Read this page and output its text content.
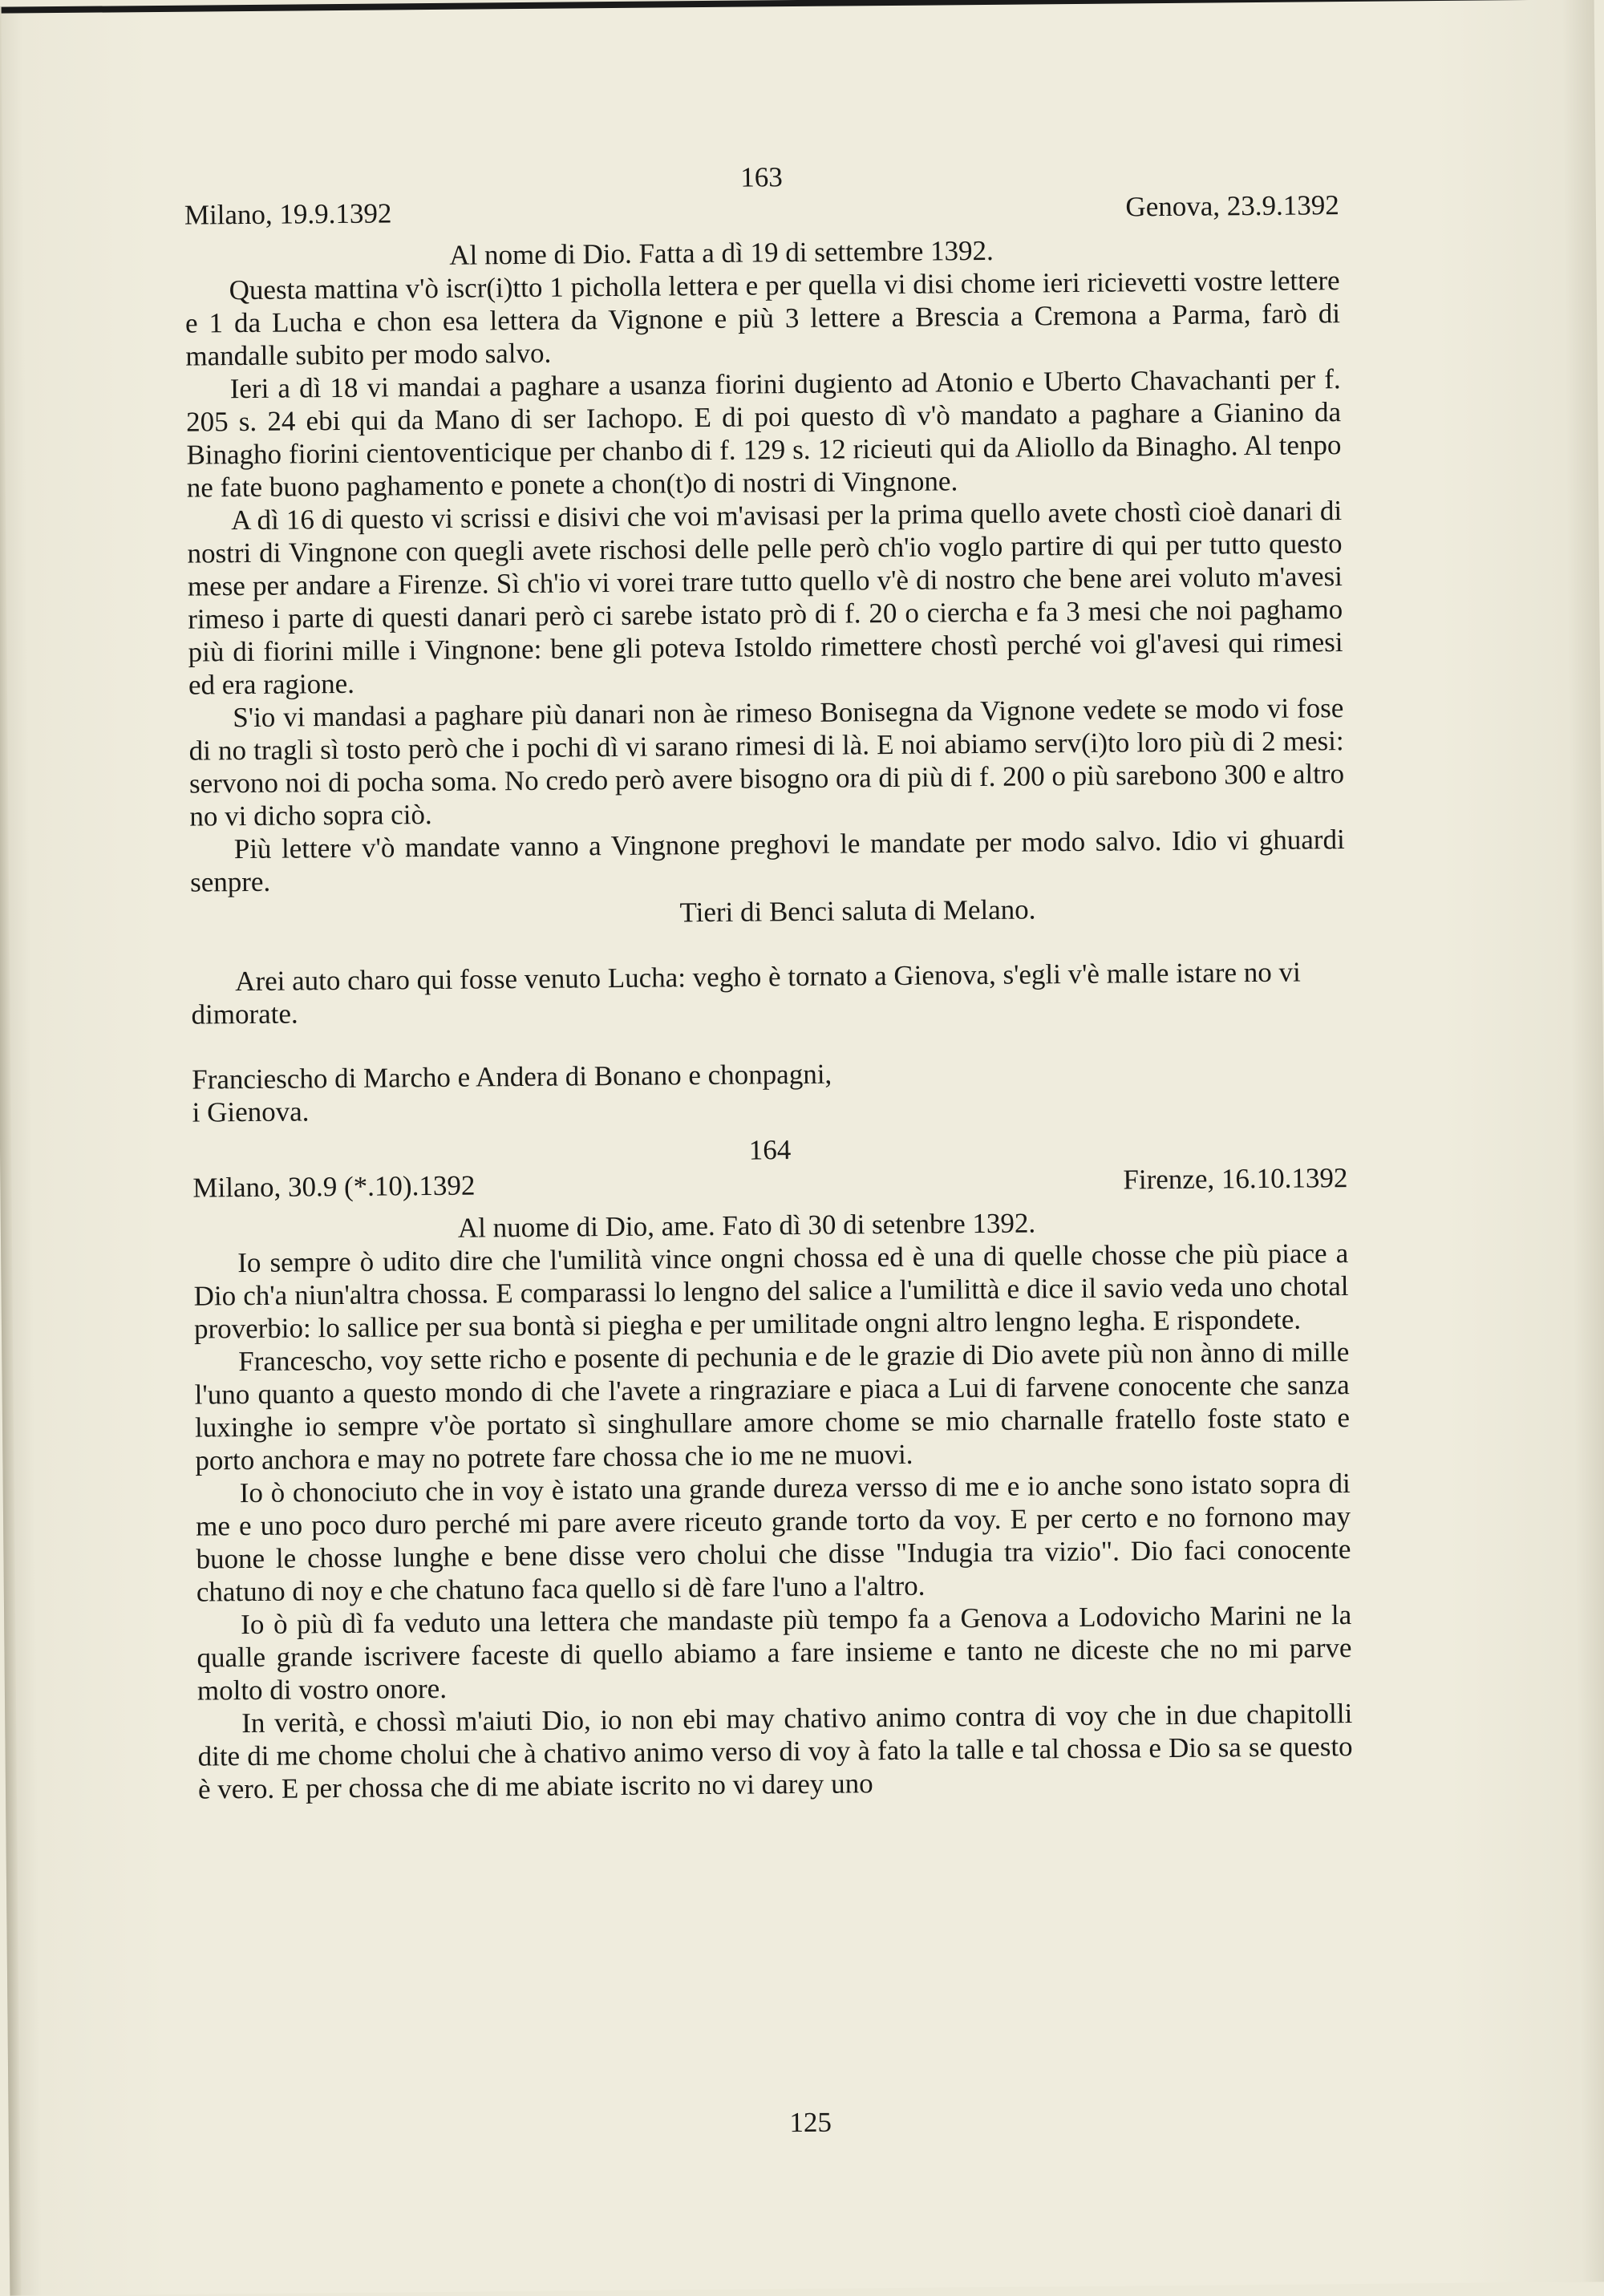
163

Milano, 19.9.1392	Genova, 23.9.1392

Al nome di Dio. Fatta a dì 19 di settembre 1392.

Questa mattina v'ò iscr(i)tto 1 picholla lettera e per quella vi disi chome ieri ricievetti vostre lettere e 1 da Lucha e chon esa lettera da Vignone e più 3 lettere a Brescia a Cremona a Parma, farò di mandalle subito per modo salvo.

Ieri a dì 18 vi mandai a paghare a usanza fiorini dugiento ad Atonio e Uberto Chavachanti per f. 205 s. 24 ebi qui da Mano di ser Iachopo. E di poi questo dì v'ò mandato a paghare a Gianino da Binagho fiorini cientoventicique per chanbo di f. 129 s. 12 ricieuti qui da Aliollo da Binagho. Al tenpo ne fate buono paghamento e ponete a chon(t)o di nostri di Vingnone.

A dì 16 di questo vi scrissi e disivi che voi m'avisasi per la prima quello avete chostì cioè danari di nostri di Vingnone con quegli avete rischosi delle pelle però ch'io voglo partire di qui per tutto questo mese per andare a Firenze. Sì ch'io vi vorei trare tutto quello v'è di nostro che bene arei voluto m'avesi rimeso i parte di questi danari però ci sarebe istato prò di f. 20 o ciercha e fa 3 mesi che noi paghamo più di fiorini mille i Vingnone: bene gli poteva Istoldo rimettere chostì perché voi gl'avesi qui rimesi ed era ragione.

S'io vi mandasi a paghare più danari non àe rimeso Bonisegna da Vignone vedete se modo vi fose di no tragli sì tosto però che i pochi dì vi sarano rimesi di là. E noi abiamo serv(i)to loro più di 2 mesi: servono noi di pocha soma. No credo però avere bisogno ora di più di f. 200 o più sarebono 300 e altro no vi dicho sopra ciò.

Più lettere v'ò mandate vanno a Vingnone preghovi le mandate per modo salvo. Idio vi ghuardi senpre.

Tieri di Benci saluta di Melano.

Arei auto charo qui fosse venuto Lucha: vegho è tornato a Gienova, s'egli v'è malle istare no vi dimorate.

Franciescho di Marcho e Andera di Bonano e chonpagni,
i Gienova.

164

Milano, 30.9 (*.10).1392	Firenze, 16.10.1392

Al nuome di Dio, ame. Fato dì 30 di setenbre 1392.

Io sempre ò udito dire che l'umilità vince ongni chossa ed è una di quelle chosse che più piace a Dio ch'a niun'altra chossa. E comparassi lo lengno del salice a l'umilittà e dice il savio veda uno chotal proverbio: lo sallice per sua bontà si piegha e per umilitade ongni altro lengno legha. E rispondete.

Francescho, voy sette richo e posente di pechunia e de le grazie di Dio avete più non ànno di mille l'uno quanto a questo mondo di che l'avete a ringraziare e piaca a Lui di farvene conocente che sanza luxinghe io sempre v'òe portato sì singhullare amore chome se mio charnalle fratello foste stato e porto anchora e may no potrete fare chossa che io me ne muovi.

Io ò chonociuto che in voy è istato una grande dureza versso di me e io anche sono istato sopra di me e uno poco duro perché mi pare avere riceuto grande torto da voy. E per certo e no fornono may buone le chosse lunghe e bene disse vero cholui che disse "Indugia tra vizio". Dio faci conocente chatuno di noy e che chatuno faca quello si dè fare l'uno a l'altro.

Io ò più dì fa veduto una lettera che mandaste più tempo fa a Genova a Lodovicho Marini ne la qualle grande iscrivere faceste di quello abiamo a fare insieme e tanto ne diceste che no mi parve molto di vostro onore.

In verità, e chossì m'aiuti Dio, io non ebi may chativo animo contra di voy che in due chapitolli dite di me chome cholui che à chativo animo verso di voy à fato la talle e tal chossa e Dio sa se questo è vero. E per chossa che di me abiate iscrito no vi darey uno

125
